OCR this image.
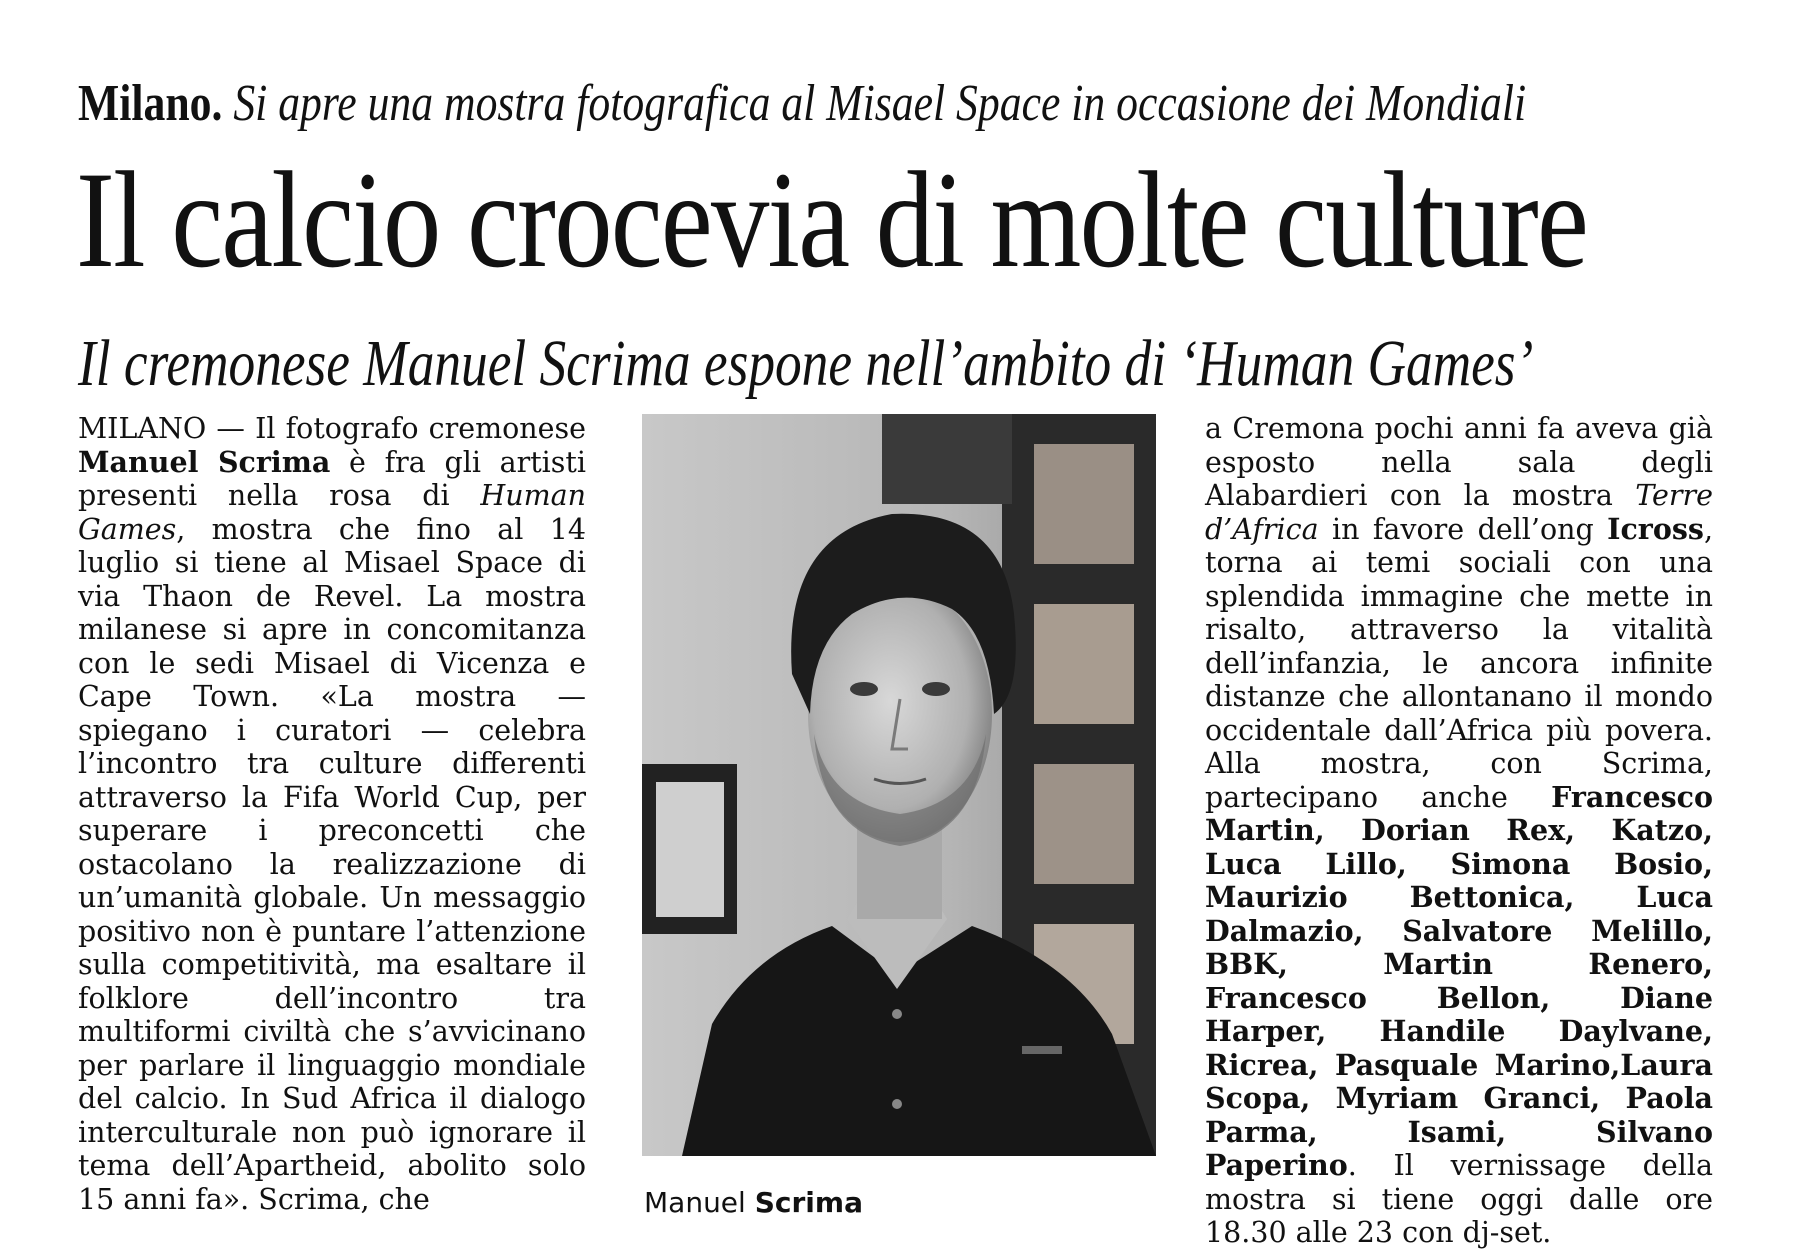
Milano. Si apre una mostra fotografica al Misael Space in occasione dei Mondiali
Il calcio crocevia di molte culture
Il cremonese Manuel Scrima espone nell’ambito di ‘Human Games’

MILANO — Il fotografo cremonese Manuel Scrima è fra gli artisti presenti nella rosa di Human Games, mostra che fino al 14 luglio si tiene al Misael Space di via Thaon de Revel. La mostra milanese si apre in concomitanza con le sedi Misael di Vicenza e Cape Town. «La mostra — spiegano i curatori — celebra l’incontro tra culture differenti attraverso la Fifa World Cup, per superare i preconcetti che ostacolano la realizzazione di un’umanità globale. Un messaggio positivo non è puntare l’attenzione sulla competitività, ma esaltare il folklore dell’incontro tra multiformi civiltà che s’avvicinano per parlare il linguaggio mondiale del calcio. In Sud Africa il dialogo interculturale non può ignorare il tema dell’Apartheid, abolito solo 15 anni fa». Scrima, che	Manuel Scrima

a Cremona pochi anni fa aveva già esposto nella sala degli Alabardieri con la mostra Terre d’Africa in favore dell’ong Icross, torna ai temi sociali con una splendida immagine che mette in risalto, attraverso la vitalità dell’infanzia, le ancora infinite distanze che allontanano il mondo occidentale dall’Africa più povera. Alla mostra, con Scrima, partecipano anche Francesco Martin, Dorian Rex, Katzo, Luca Lillo, Simona Bosio, Maurizio Bettonica, Luca Dalmazio, Salvatore Melillo, BBK, Martin Renero, Francesco Bellon, Diane Harper, Handile Daylvane, Ricrea, Pasquale Marino,Laura Scopa, Myriam Granci, Paola Parma, Isami, Silvano Paperino. Il vernissage della mostra si tiene oggi dalle ore 18.30 alle 23 con dj-set.
